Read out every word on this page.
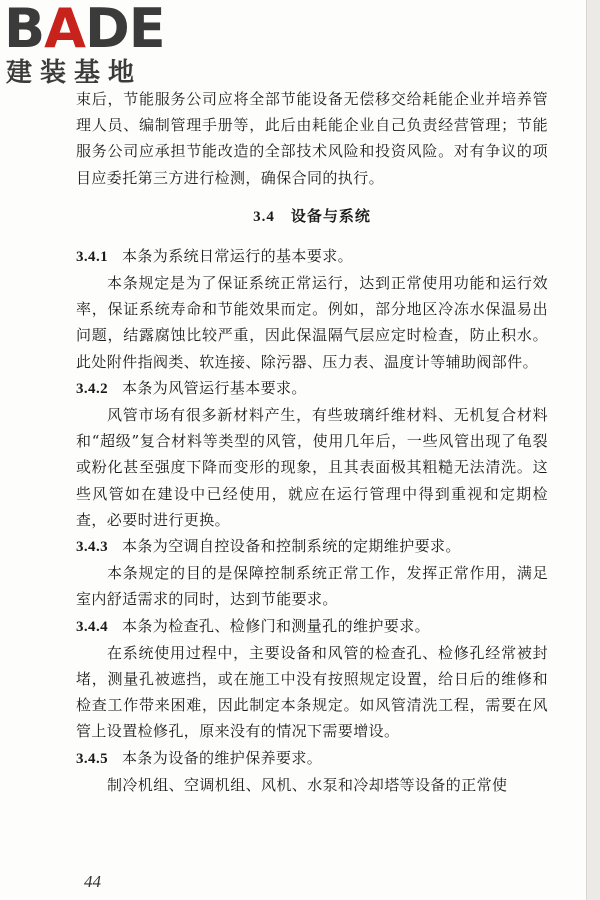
BADE
建装基地

束后，节能服务公司应将全部节能设备无偿移交给耗能企业并培养管理人员、编制管理手册等，此后由耗能企业自己负责经营管理；节能服务公司应承担节能改造的全部技术风险和投资风险。对有争议的项目应委托第三方进行检测，确保合同的执行。

3.4 设备与系统

3.4.1 本条为系统日常运行的基本要求。

本条规定是为了保证系统正常运行，达到正常使用功能和运行效率，保证系统寿命和节能效果而定。例如，部分地区冷冻水保温易出问题，结露腐蚀比较严重，因此保温隔气层应定时检查，防止积水。此处附件指阀类、软连接、除污器、压力表、温度计等辅助阀部件。

3.4.2 本条为风管运行基本要求。

风管市场有很多新材料产生，有些玻璃纤维材料、无机复合材料和“超级”复合材料等类型的风管，使用几年后，一些风管出现了龟裂或粉化甚至强度下降而变形的现象，且其表面极其粗糙无法清洗。这些风管如在建设中已经使用，就应在运行管理中得到重视和定期检查，必要时进行更换。

3.4.3 本条为空调自控设备和控制系统的定期维护要求。

本条规定的目的是保障控制系统正常工作，发挥正常作用，满足室内舒适需求的同时，达到节能要求。

3.4.4 本条为检查孔、检修门和测量孔的维护要求。

在系统使用过程中，主要设备和风管的检查孔、检修孔经常被封堵，测量孔被遮挡，或在施工中没有按照规定设置，给日后的维修和检查工作带来困难，因此制定本条规定。如风管清洗工程，需要在风管上设置检修孔，原来没有的情况下需要增设。

3.4.5 本条为设备的维护保养要求。

制冷机组、空调机组、风机、水泵和冷却塔等设备的正常使

44
